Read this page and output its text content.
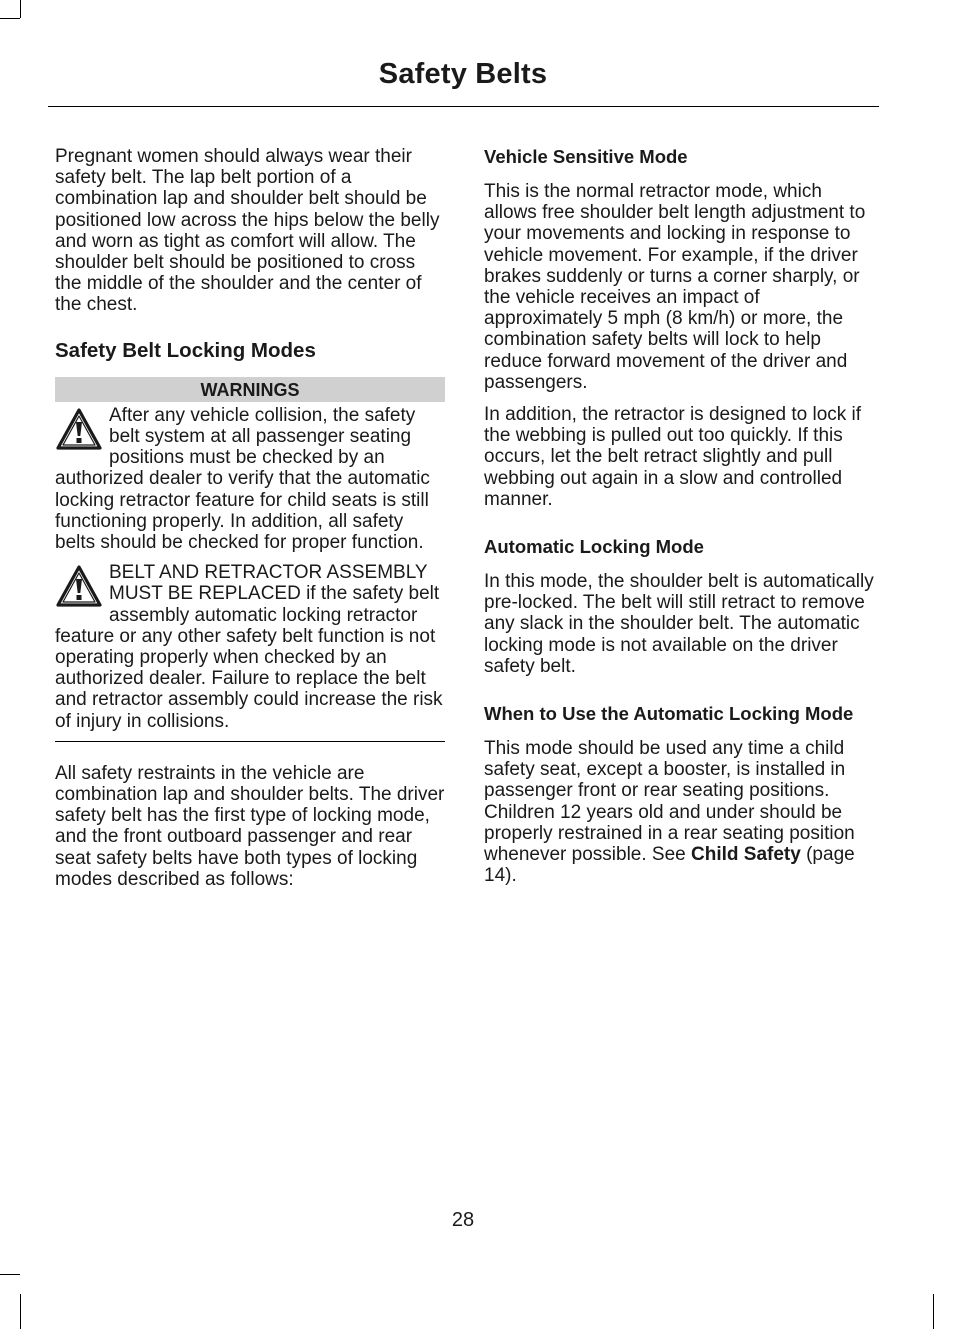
Safety Belts

Pregnant women should always wear their safety belt. The lap belt portion of a combination lap and shoulder belt should be positioned low across the hips below the belly and worn as tight as comfort will allow. The shoulder belt should be positioned to cross the middle of the shoulder and the center of the chest.

Safety Belt Locking Modes
WARNINGS
After any vehicle collision, the safety belt system at all passenger seating positions must be checked by an authorized dealer to verify that the automatic locking retractor feature for child seats is still functioning properly. In addition, all safety belts should be checked for proper function.
BELT AND RETRACTOR ASSEMBLY MUST BE REPLACED if the safety belt assembly automatic locking retractor feature or any other safety belt function is not operating properly when checked by an authorized dealer. Failure to replace the belt and retractor assembly could increase the risk of injury in collisions.

All safety restraints in the vehicle are combination lap and shoulder belts. The driver safety belt has the first type of locking mode, and the front outboard passenger and rear seat safety belts have both types of locking modes described as follows:

Vehicle Sensitive Mode

This is the normal retractor mode, which allows free shoulder belt length adjustment to your movements and locking in response to vehicle movement. For example, if the driver brakes suddenly or turns a corner sharply, or the vehicle receives an impact of approximately 5 mph (8 km/h) or more, the combination safety belts will lock to help reduce forward movement of the driver and passengers.

In addition, the retractor is designed to lock if the webbing is pulled out too quickly. If this occurs, let the belt retract slightly and pull webbing out again in a slow and controlled manner.

Automatic Locking Mode

In this mode, the shoulder belt is automatically pre-locked. The belt will still retract to remove any slack in the shoulder belt. The automatic locking mode is not available on the driver safety belt.

When to Use the Automatic Locking Mode

This mode should be used any time a child safety seat, except a booster, is installed in passenger front or rear seating positions. Children 12 years old and under should be properly restrained in a rear seating position whenever possible. See Child Safety (page 14).

28
